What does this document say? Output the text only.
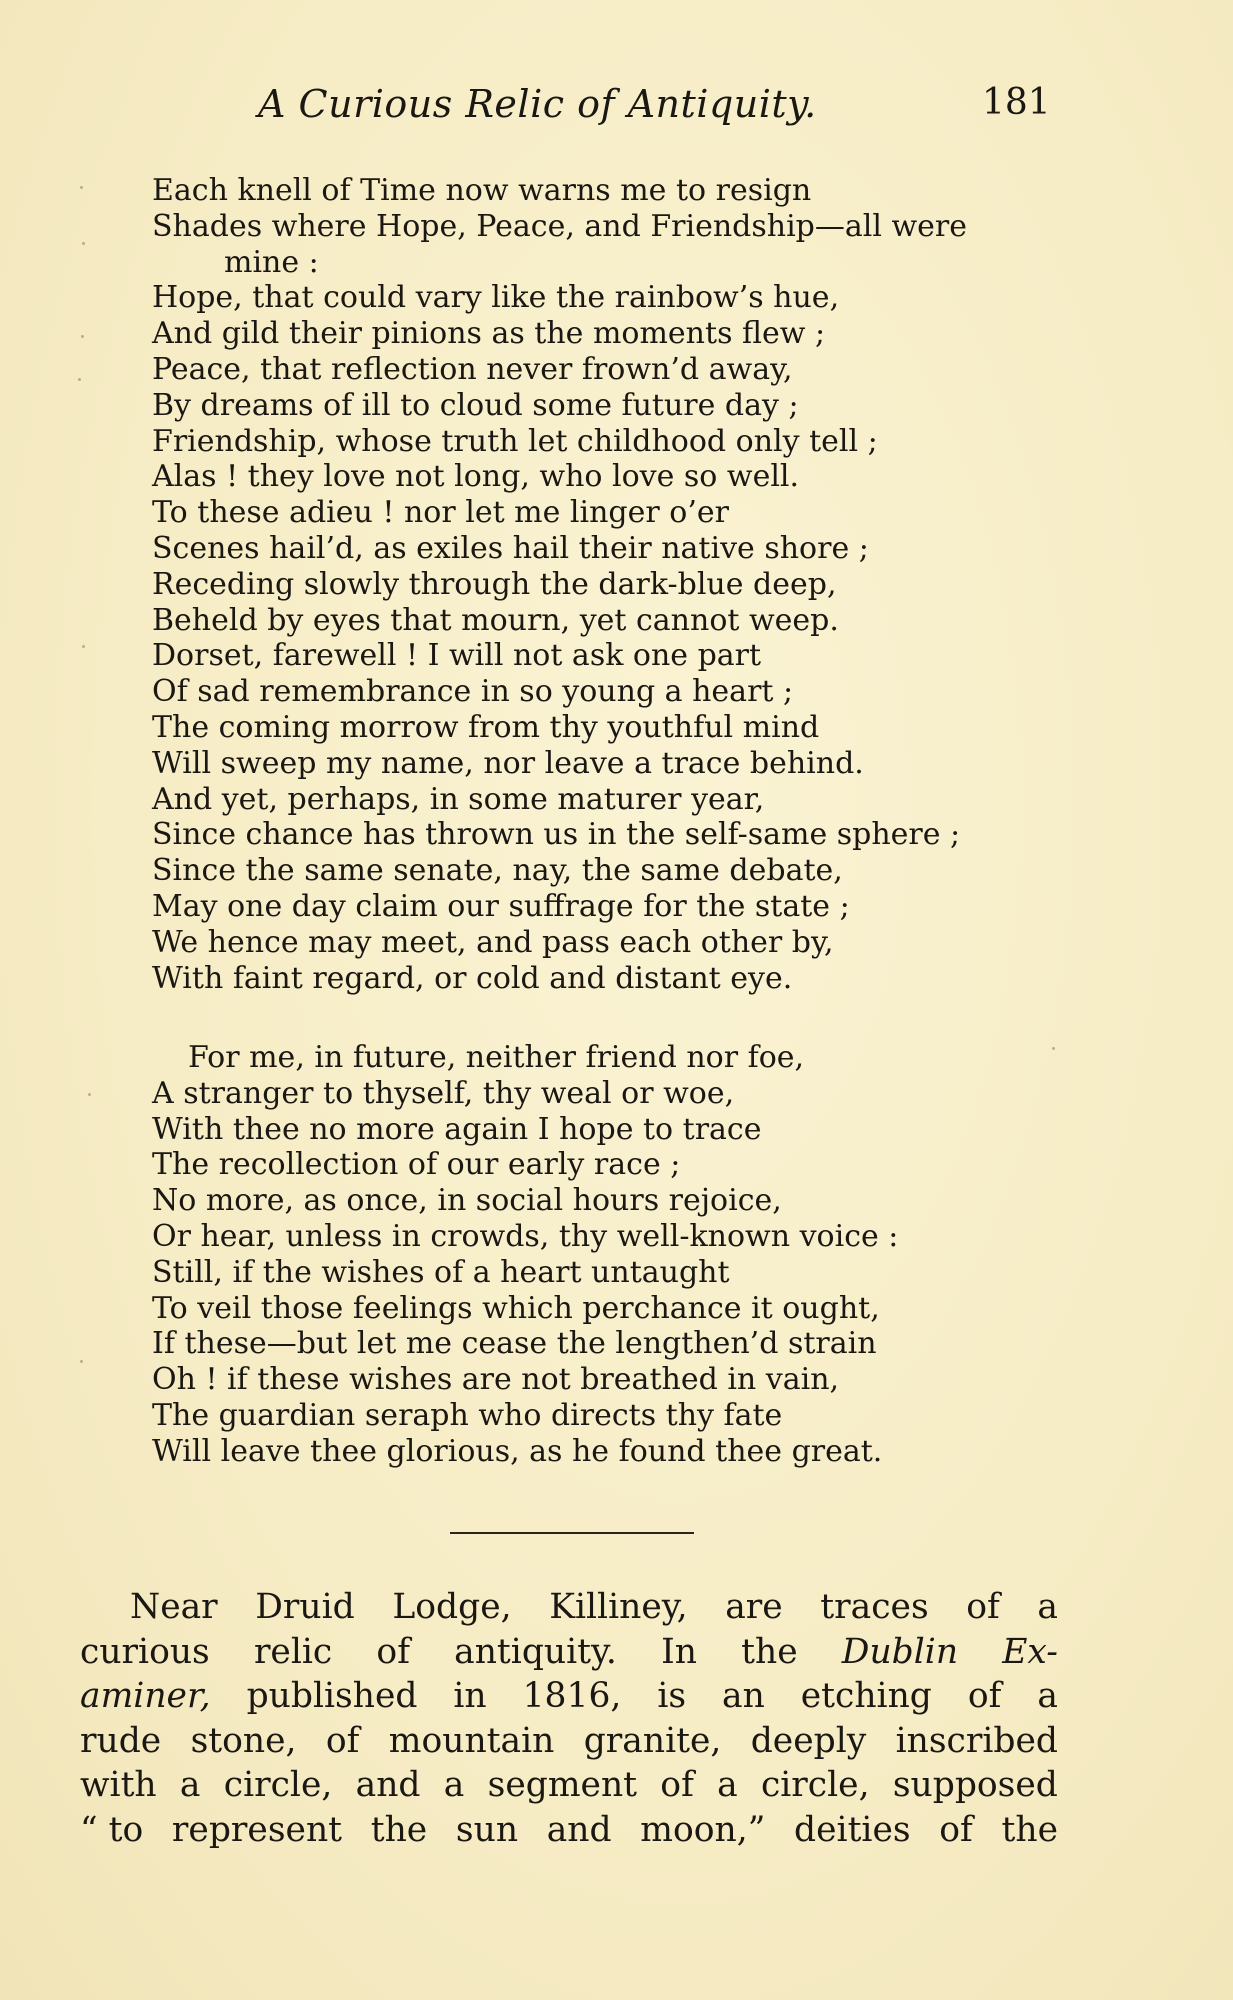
A Curious Relic of Antiquity.	181
Each knell of Time now warns me to resign
Shades where Hope, Peace, and Friendship—all were
mine :
Hope, that could vary like the rainbow’s hue,
And gild their pinions as the moments flew ;
Peace, that reflection never frown’d away,
By dreams of ill to cloud some future day ;
Friendship, whose truth let childhood only tell ;
Alas ! they love not long, who love so well.
To these adieu ! nor let me linger o’er
Scenes hail’d, as exiles hail their native shore ;
Receding slowly through the dark-blue deep,
Beheld by eyes that mourn, yet cannot weep.
Dorset, farewell ! I will not ask one part
Of sad remembrance in so young a heart ;
The coming morrow from thy youthful mind
Will sweep my name, nor leave a trace behind.
And yet, perhaps, in some maturer year,
Since chance has thrown us in the self-same sphere ;
Since the same senate, nay, the same debate,
May one day claim our suffrage for the state ;
We hence may meet, and pass each other by,
With faint regard, or cold and distant eye.
For me, in future, neither friend nor foe,
A stranger to thyself, thy weal or woe,
With thee no more again I hope to trace
The recollection of our early race ;
No more, as once, in social hours rejoice,
Or hear, unless in crowds, thy well-known voice :
Still, if the wishes of a heart untaught
To veil those feelings which perchance it ought,
If these—but let me cease the lengthen’d strain
Oh ! if these wishes are not breathed in vain,
The guardian seraph who directs thy fate
Will leave thee glorious, as he found thee great.
Near Druid Lodge, Killiney, are traces of a
curious relic of antiquity. In the Dublin Ex-
aminer, published in 1816, is an etching of a
rude stone, of mountain granite, deeply inscribed
with a circle, and a segment of a circle, supposed
“ to represent the sun and moon,” deities of the
